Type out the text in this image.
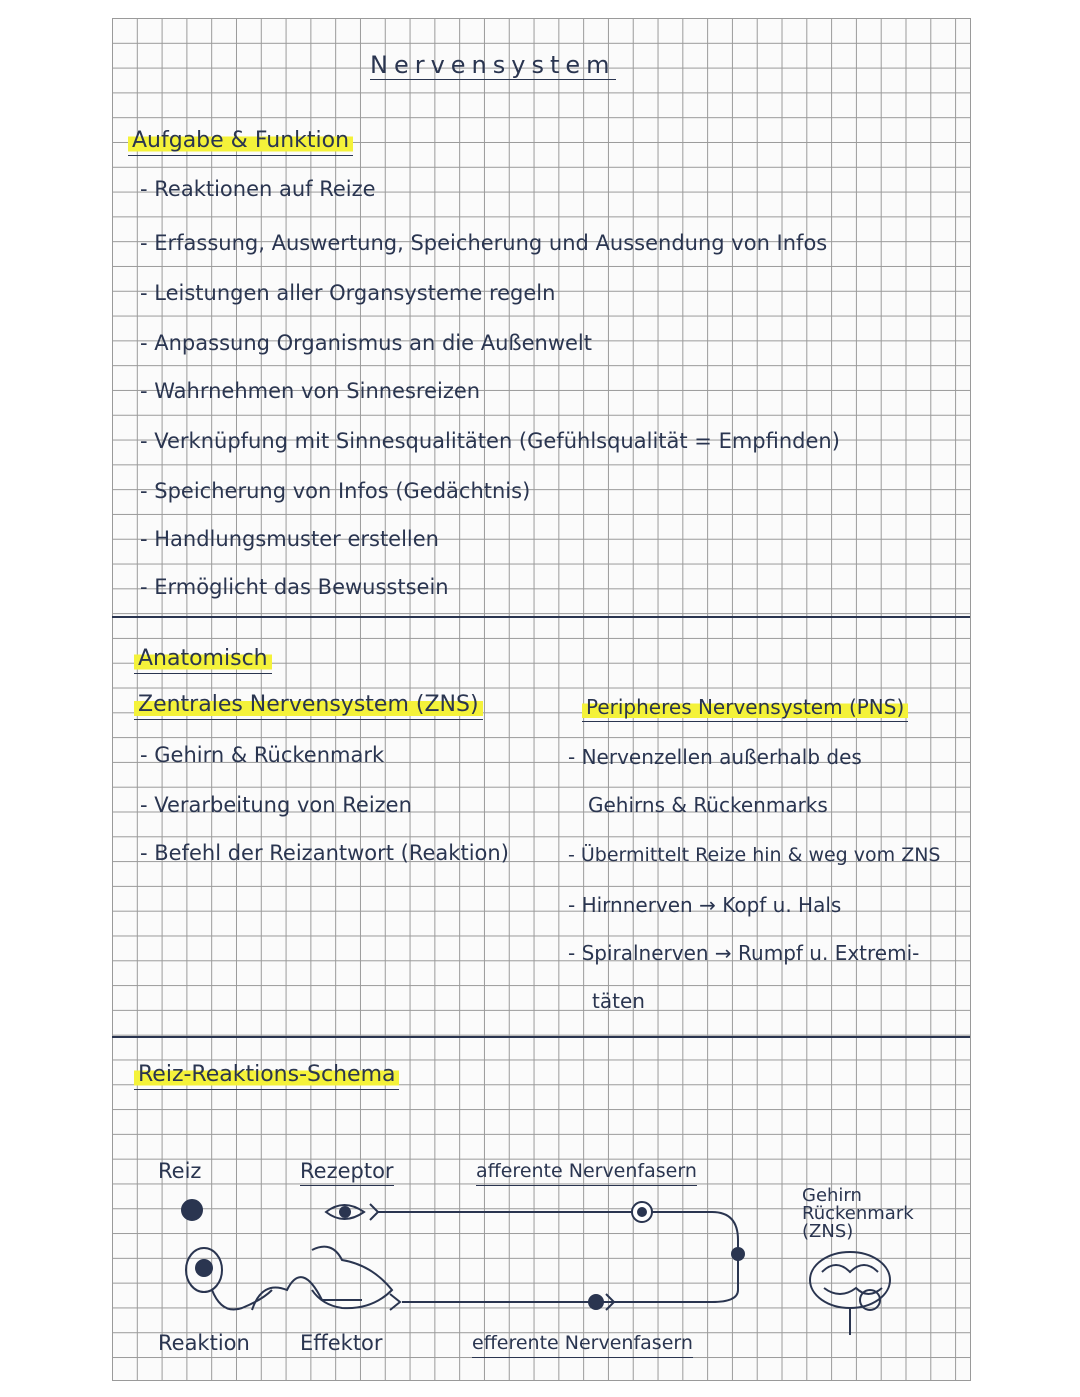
Nervensystem
Aufgabe & Funktion
- Reaktionen auf Reize
- Erfassung, Auswertung, Speicherung und Aussendung von Infos
- Leistungen aller Organsysteme regeln
- Anpassung Organismus an die Außenwelt
- Wahrnehmen von Sinnesreizen
- Verknüpfung mit Sinnesqualitäten (Gefühlsqualität = Empfinden)
- Speicherung von Infos (Gedächtnis)
- Handlungsmuster erstellen
- Ermöglicht das Bewusstsein
Anatomisch
Zentrales Nervensystem (ZNS)
- Gehirn & Rückenmark
- Verarbeitung von Reizen
- Befehl der Reizantwort (Reaktion)
Peripheres Nervensystem (PNS)
- Nervenzellen außerhalb des
Gehirns & Rückenmarks
- Übermittelt Reize hin & weg vom ZNS
- Hirnnerven → Kopf u. Hals
- Spiralnerven → Rumpf u. Extremi-
täten
Reiz-Reaktions-Schema
Reiz	Rezeptor	afferente Nervenfasern
Gehirn
Rückenmark
(ZNS)
Reaktion Effektor	efferente Nervenfasern
